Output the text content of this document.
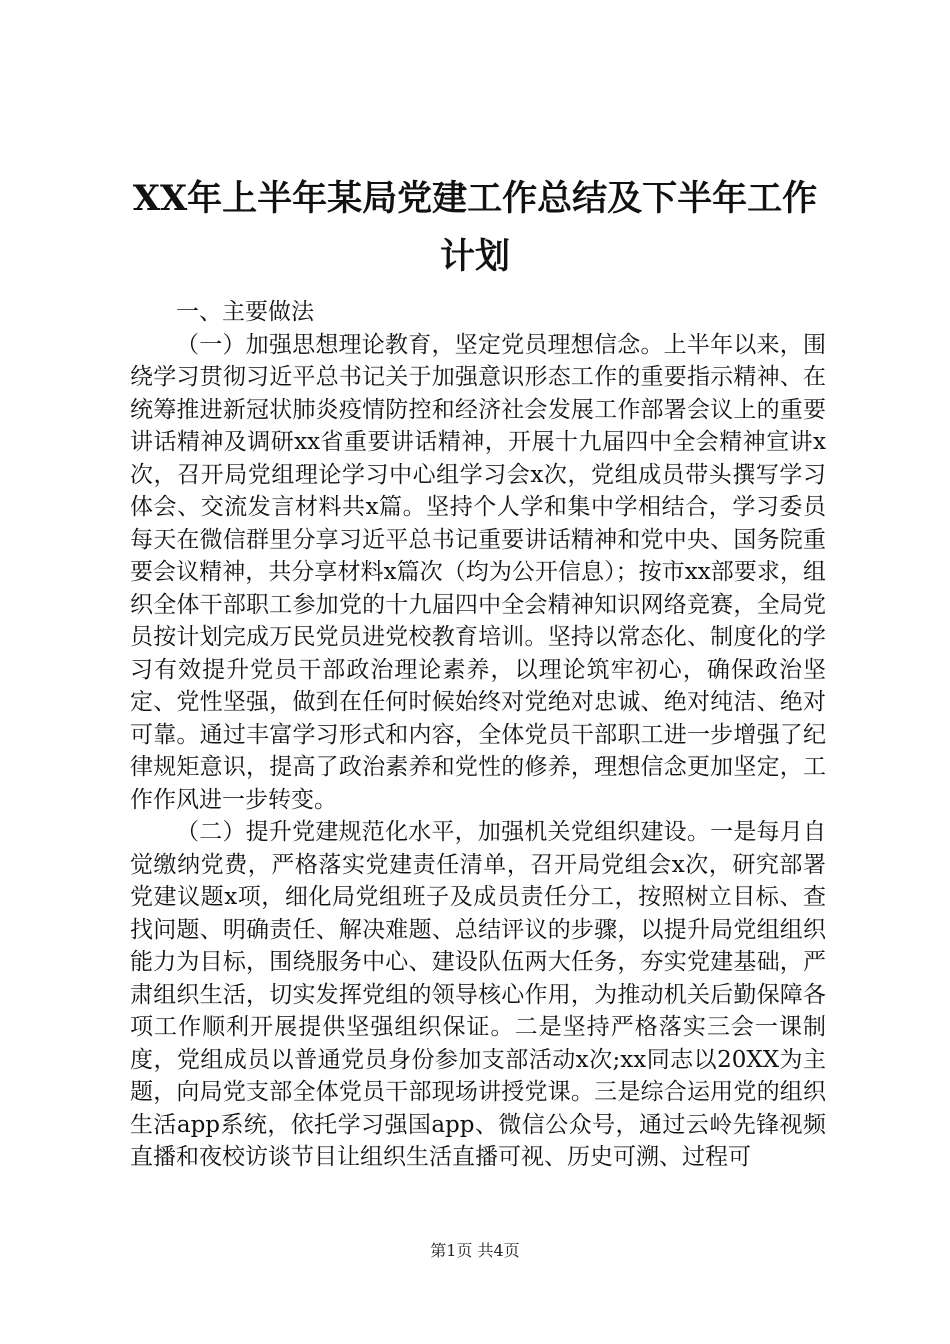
XX年上半年某局党建工作总结及下半年工作
计划

一、主要做法

（一）加强思想理论教育，坚定党员理想信念。上半年以来，围绕学习贯彻习近平总书记关于加强意识形态工作的重要指示精神、在统筹推进新冠状肺炎疫情防控和经济社会发展工作部署会议上的重要讲话精神及调研xx省重要讲话精神，开展十九届四中全会精神宣讲x次，召开局党组理论学习中心组学习会x次，党组成员带头撰写学习体会、交流发言材料共x篇。坚持个人学和集中学相结合，学习委员每天在微信群里分享习近平总书记重要讲话精神和党中央、国务院重要会议精神，共分享材料x篇次（均为公开信息）；按市xx部要求，组织全体干部职工参加党的十九届四中全会精神知识网络竞赛，全局党员按计划完成万民党员进党校教育培训。坚持以常态化、制度化的学习有效提升党员干部政治理论素养，以理论筑牢初心，确保政治坚定、党性坚强，做到在任何时候始终对党绝对忠诚、绝对纯洁、绝对可靠。通过丰富学习形式和内容，全体党员干部职工进一步增强了纪律规矩意识，提高了政治素养和党性的修养，理想信念更加坚定，工作作风进一步转变。

（二）提升党建规范化水平，加强机关党组织建设。一是每月自觉缴纳党费，严格落实党建责任清单，召开局党组会x次，研究部署党建议题x项，细化局党组班子及成员责任分工，按照树立目标、查找问题、明确责任、解决难题、总结评议的步骤，以提升局党组组织能力为目标，围绕服务中心、建设队伍两大任务，夯实党建基础，严肃组织生活，切实发挥党组的领导核心作用，为推动机关后勤保障各项工作顺利开展提供坚强组织保证。二是坚持严格落实三会一课制度，党组成员以普通党员身份参加支部活动x次;xx同志以20XX为主题，向局党支部全体党员干部现场讲授党课。三是综合运用党的组织生活app系统，依托学习强国app、微信公众号，通过云岭先锋视频直播和夜校访谈节目让组织生活直播可视、历史可溯、过程可

第1页 共4页
